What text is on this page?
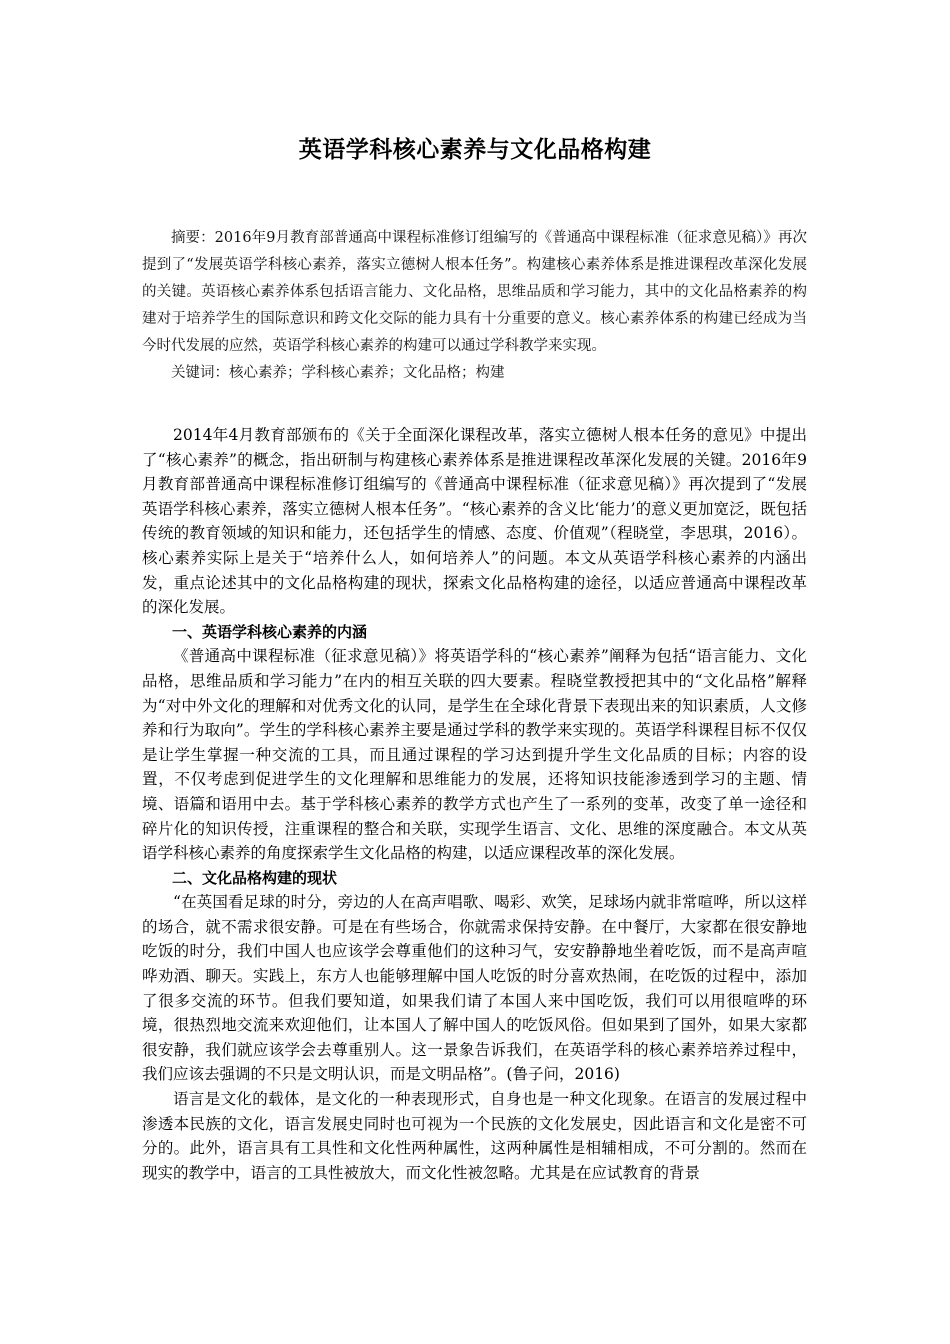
英语学科核心素养与文化品格构建

摘要：2016年9月教育部普通高中课程标准修订组编写的《普通高中课程标准（征求意见稿）》再次提到了“发展英语学科核心素养，落实立德树人根本任务”。构建核心素养体系是推进课程改革深化发展的关键。英语核心素养体系包括语言能力、文化品格，思维品质和学习能力，其中的文化品格素养的构建对于培养学生的国际意识和跨文化交际的能力具有十分重要的意义。核心素养体系的构建已经成为当今时代发展的应然，英语学科核心素养的构建可以通过学科教学来实现。

关键词：核心素养；学科核心素养；文化品格；构建

2014年4月教育部颁布的《关于全面深化课程改革，落实立德树人根本任务的意见》中提出了“核心素养”的概念，指出研制与构建核心素养体系是推进课程改革深化发展的关键。2016年9月教育部普通高中课程标准修订组编写的《普通高中课程标准（征求意见稿）》再次提到了“发展英语学科核心素养，落实立德树人根本任务”。“核心素养的含义比‘能力’的意义更加宽泛，既包括传统的教育领域的知识和能力，还包括学生的情感、态度、价值观”（程晓堂，李思琪，2016）。核心素养实际上是关于“培养什么人，如何培养人”的问题。本文从英语学科核心素养的内涵出发，重点论述其中的文化品格构建的现状，探索文化品格构建的途径，以适应普通高中课程改革的深化发展。

一、英语学科核心素养的内涵

《普通高中课程标准（征求意见稿）》将英语学科的“核心素养”阐释为包括“语言能力、文化品格，思维品质和学习能力”在内的相互关联的四大要素。程晓堂教授把其中的“文化品格”解释为“对中外文化的理解和对优秀文化的认同，是学生在全球化背景下表现出来的知识素质，人文修养和行为取向”。学生的学科核心素养主要是通过学科的教学来实现的。英语学科课程目标不仅仅是让学生掌握一种交流的工具，而且通过课程的学习达到提升学生文化品质的目标；内容的设置，不仅考虑到促进学生的文化理解和思维能力的发展，还将知识技能渗透到学习的主题、情境、语篇和语用中去。基于学科核心素养的教学方式也产生了一系列的变革，改变了单一途径和碎片化的知识传授，注重课程的整合和关联，实现学生语言、文化、思维的深度融合。本文从英语学科核心素养的角度探索学生文化品格的构建，以适应课程改革的深化发展。

二、文化品格构建的现状

“在英国看足球的时分，旁边的人在高声唱歌、喝彩、欢笑，足球场内就非常喧哗，所以这样的场合，就不需求很安静。可是在有些场合，你就需求保持安静。在中餐厅，大家都在很安静地吃饭的时分，我们中国人也应该学会尊重他们的这种习气，安安静静地坐着吃饭，而不是高声喧哗劝酒、聊天。实践上，东方人也能够理解中国人吃饭的时分喜欢热闹，在吃饭的过程中，添加了很多交流的环节。但我们要知道，如果我们请了本国人来中国吃饭，我们可以用很喧哗的环境，很热烈地交流来欢迎他们，让本国人了解中国人的吃饭风俗。但如果到了国外，如果大家都很安静，我们就应该学会去尊重别人。这一景象告诉我们，在英语学科的核心素养培养过程中，我们应该去强调的不只是文明认识，而是文明品格”。(鲁子问，2016)

语言是文化的载体，是文化的一种表现形式，自身也是一种文化现象。在语言的发展过程中渗透本民族的文化，语言发展史同时也可视为一个民族的文化发展史，因此语言和文化是密不可分的。此外，语言具有工具性和文化性两种属性，这两种属性是相辅相成，不可分割的。然而在现实的教学中，语言的工具性被放大，而文化性被忽略。尤其是在应试教育的背景
